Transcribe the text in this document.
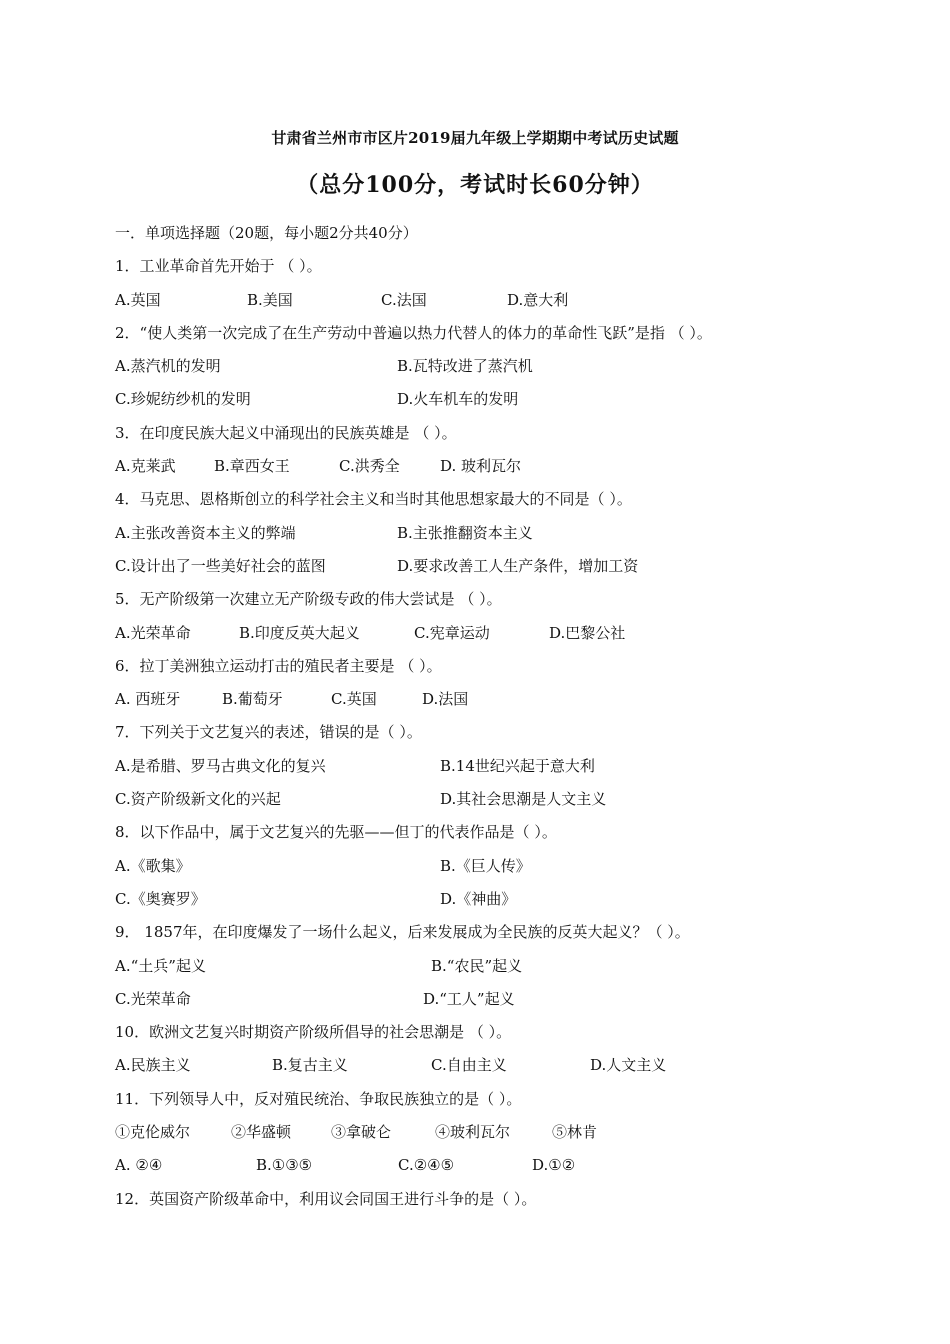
甘肃省兰州市市区片2019届九年级上学期期中考试历史试题
（总分100分，考试时长60分钟）
一．单项选择题（20题，每小题2分共40分）
1．工业革命首先开始于 （ ）。
A.英国	B.美国	C.法国	D.意大利
2．“使人类第一次完成了在生产劳动中普遍以热力代替人的体力的革命性飞跃”是指 （ ）。
A.蒸汽机的发明	B.瓦特改进了蒸汽机
C.珍妮纺纱机的发明	D.火车机车的发明
3．在印度民族大起义中涌现出的民族英雄是 （ ）。
A.克莱武	B.章西女王	C.洪秀全	D. 玻利瓦尔
4．马克思、恩格斯创立的科学社会主义和当时其他思想家最大的不同是（ ）。
A.主张改善资本主义的弊端	B.主张推翻资本主义
C.设计出了一些美好社会的蓝图	D.要求改善工人生产条件，增加工资
5．无产阶级第一次建立无产阶级专政的伟大尝试是 （ ）。
A.光荣革命	B.印度反英大起义	C.宪章运动	D.巴黎公社
6．拉丁美洲独立运动打击的殖民者主要是 （ ）。
A. 西班牙	B.葡萄牙	C.英国	D.法国
7．下列关于文艺复兴的表述，错误的是（ ）。
A.是希腊、罗马古典文化的复兴	B.14世纪兴起于意大利
C.资产阶级新文化的兴起	D.其社会思潮是人文主义
8．以下作品中，属于文艺复兴的先驱——但丁的代表作品是（ ）。
A.《歌集》	B.《巨人传》
C.《奥赛罗》	D.《神曲》
9． 1857年，在印度爆发了一场什么起义，后来发展成为全民族的反英大起义？（ ）。
A.“土兵”起义	B.“农民”起义
C.光荣革命	D.“工人”起义
10．欧洲文艺复兴时期资产阶级所倡导的社会思潮是 （ ）。
A.民族主义	B.复古主义	C.自由主义	D.人文主义
11．下列领导人中，反对殖民统治、争取民族独立的是（ ）。
①克伦威尔	②华盛顿	③拿破仑	④玻利瓦尔	⑤林肯
A. ②④	B.①③⑤	C.②④⑤	D.①②
12．英国资产阶级革命中，利用议会同国王进行斗争的是（ ）。
